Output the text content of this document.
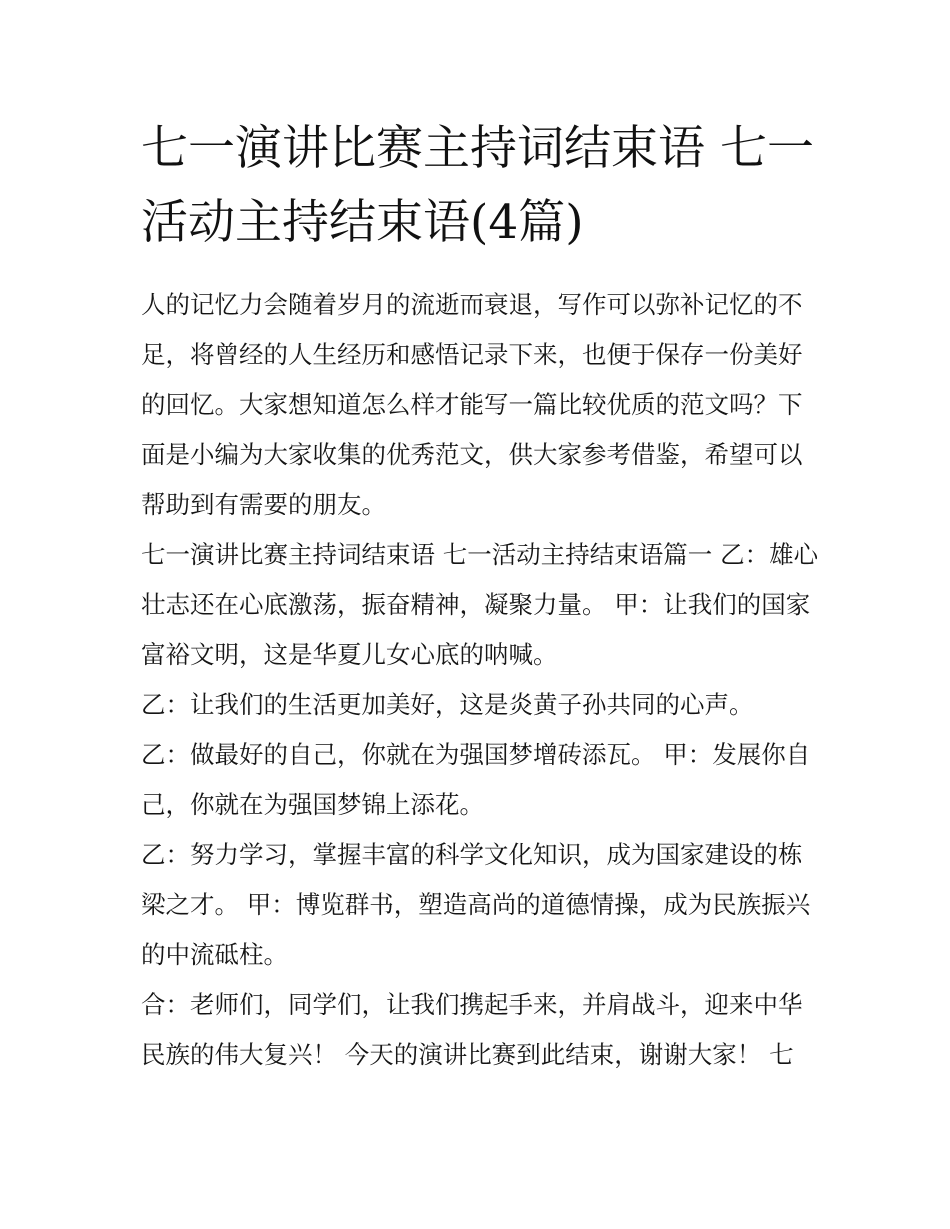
七一演讲比赛主持词结束语 七一活动主持结束语(4篇)

人的记忆力会随着岁月的流逝而衰退，写作可以弥补记忆的不足，将曾经的人生经历和感悟记录下来，也便于保存一份美好的回忆。大家想知道怎么样才能写一篇比较优质的范文吗？下面是小编为大家收集的优秀范文，供大家参考借鉴，希望可以帮助到有需要的朋友。

七一演讲比赛主持词结束语 七一活动主持结束语篇一 乙：雄心壮志还在心底激荡，振奋精神，凝聚力量。 甲：让我们的国家富裕文明，这是华夏儿女心底的呐喊。

乙：让我们的生活更加美好，这是炎黄子孙共同的心声。

乙：做最好的自己，你就在为强国梦增砖添瓦。 甲：发展你自己，你就在为强国梦锦上添花。

乙：努力学习，掌握丰富的科学文化知识，成为国家建设的栋梁之才。 甲：博览群书，塑造高尚的道德情操，成为民族振兴的中流砥柱。

合：老师们，同学们，让我们携起手来，并肩战斗，迎来中华民族的伟大复兴！ 今天的演讲比赛到此结束，谢谢大家！ 七
